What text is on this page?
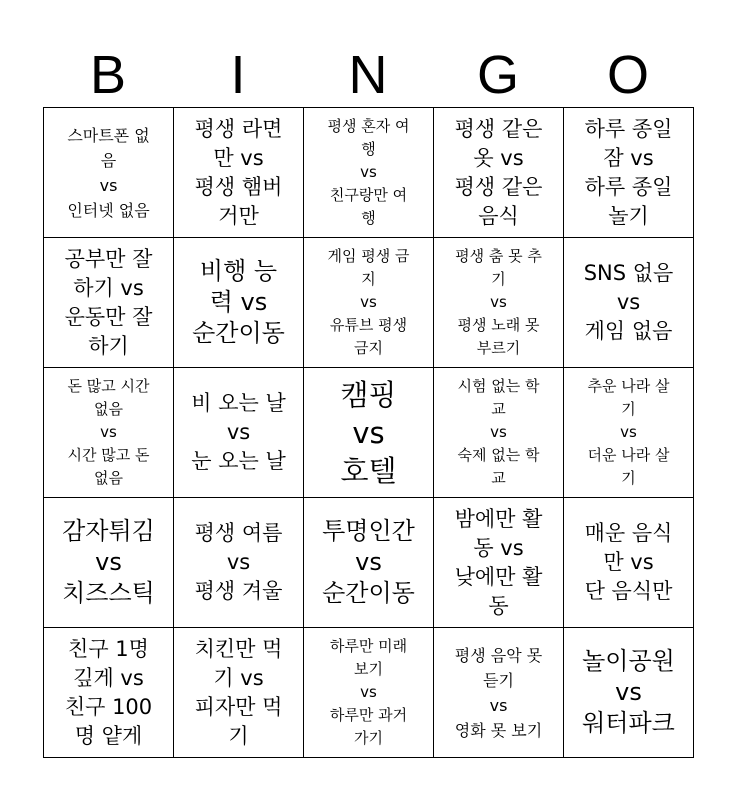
B	I	N	G	O
스마트폰 없
음
vs
인터넷 없음	평생 라면
만 vs
평생 햄버
거만	평생 혼자 여
행
vs
친구랑만 여
행	평생 같은
옷 vs
평생 같은
음식	하루 종일
잠 vs
하루 종일
놀기

공부만 잘
하기 vs
운동만 잘
하기	비행 능
력 vs
순간이동	게임 평생 금
지
vs
유튜브 평생
금지	평생 춤 못 추
기
vs
평생 노래 못
부르기	SNS 없음
vs
게임 없음

돈 많고 시간
없음
vs
시간 많고 돈
없음	비 오는 날
vs
눈 오는 날	캠핑
vs
호텔	시험 없는 학
교
vs
숙제 없는 학
교	추운 나라 살
기
vs
더운 나라 살
기

감자튀김
vs
치즈스틱	평생 여름
vs
평생 겨울	투명인간
vs
순간이동	밤에만 활
동 vs
낮에만 활
동	매운 음식
만 vs
단 음식만

친구 1명
깊게 vs
친구 100
명 얕게	치킨만 먹
기 vs
피자만 먹
기	하루만 미래
보기
vs
하루만 과거
가기	평생 음악 못
듣기
vs
영화 못 보기	놀이공원
vs
워터파크
